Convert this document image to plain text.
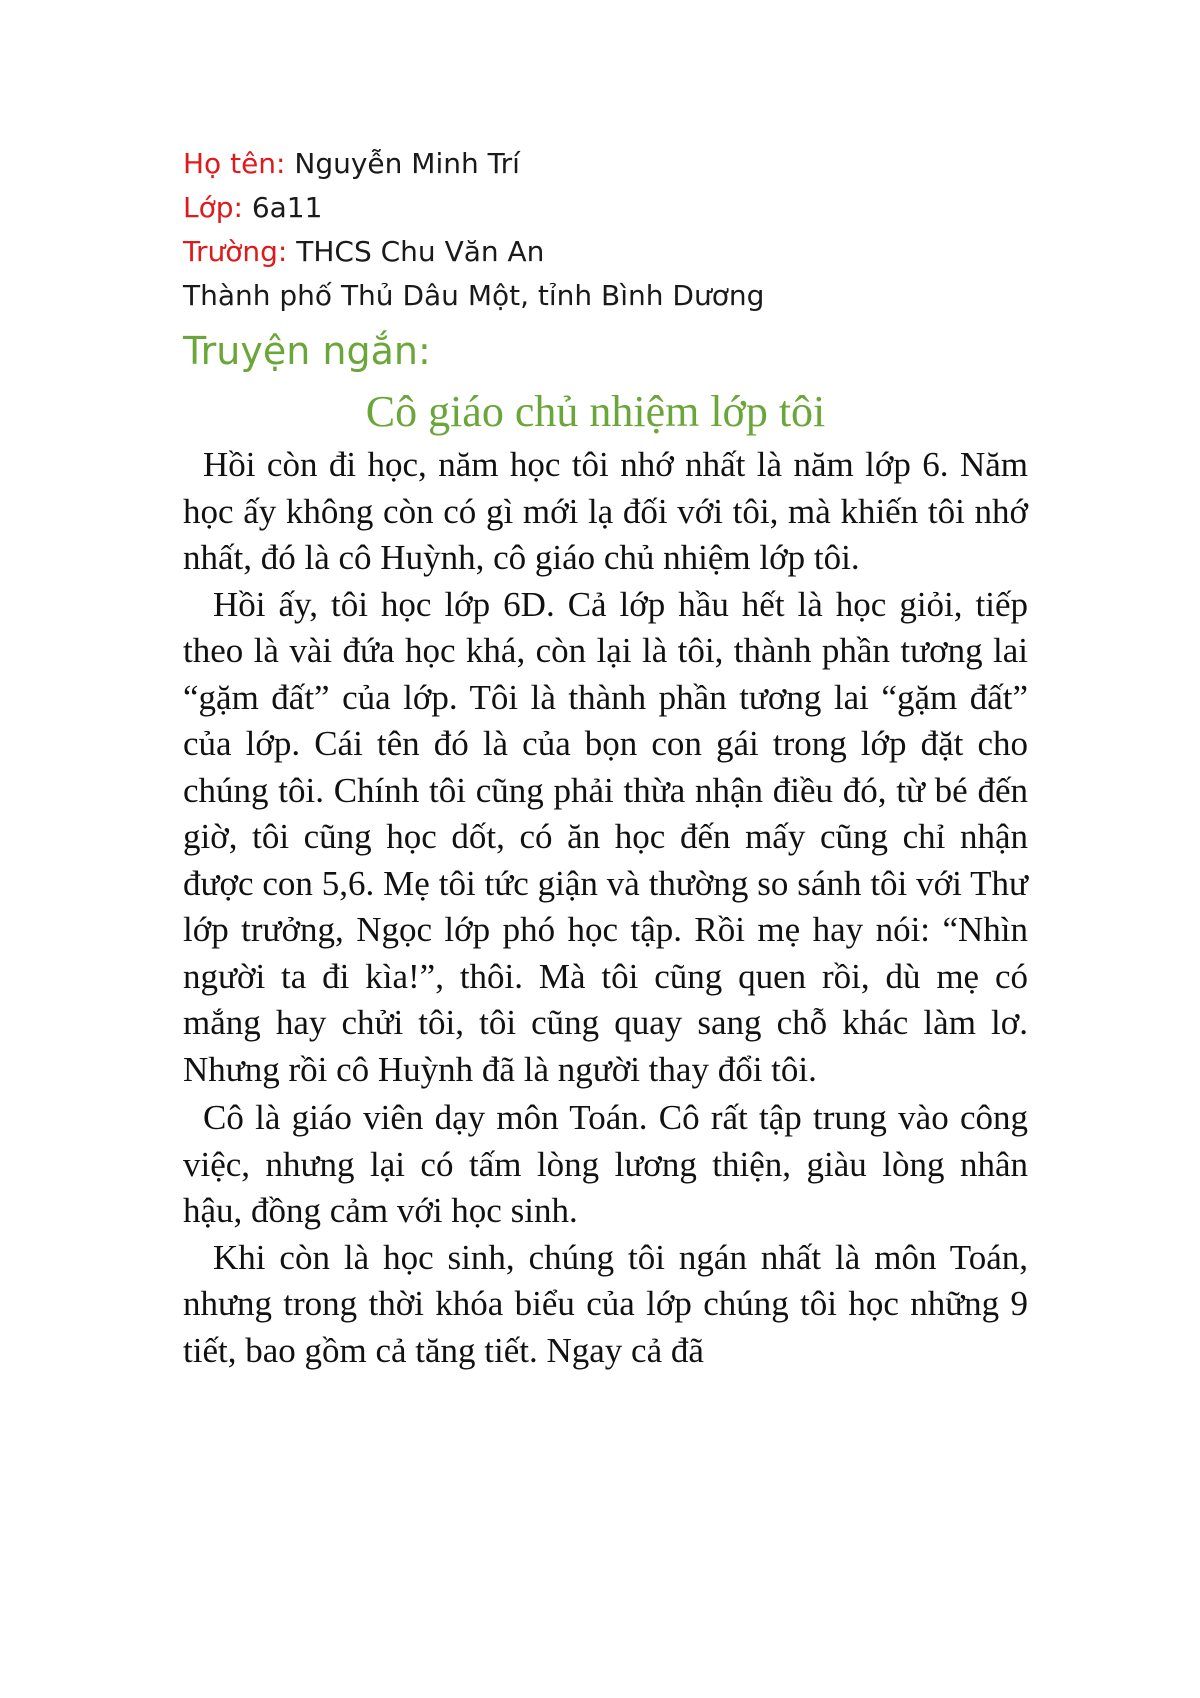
Họ tên: Nguyễn Minh Trí
Lớp: 6a11
Trường: THCS Chu Văn An
Thành phố Thủ Dâu Một, tỉnh Bình Dương
Truyện ngắn:
Cô giáo chủ nhiệm lớp tôi

Hồi còn đi học, năm học tôi nhớ nhất là năm lớp 6. Năm học ấy không còn có gì mới lạ đối với tôi, mà khiến tôi nhớ nhất, đó là cô Huỳnh, cô giáo chủ nhiệm lớp tôi.

Hồi ấy, tôi học lớp 6D. Cả lớp hầu hết là học giỏi, tiếp theo là vài đứa học khá, còn lại là tôi, thành phần tương lai “gặm đất” của lớp. Tôi là thành phần tương lai “gặm đất” của lớp. Cái tên đó là của bọn con gái trong lớp đặt cho chúng tôi. Chính tôi cũng phải thừa nhận điều đó, từ bé đến giờ, tôi cũng học dốt, có ăn học đến mấy cũng chỉ nhận được con 5,6. Mẹ tôi tức giận và thường so sánh tôi với Thư lớp trưởng, Ngọc lớp phó học tập. Rồi mẹ hay nói: “Nhìn người ta đi kìa!”, thôi. Mà tôi cũng quen rồi, dù mẹ có mắng hay chửi tôi, tôi cũng quay sang chỗ khác làm lơ. Nhưng rồi cô Huỳnh đã là người thay đổi tôi.

Cô là giáo viên dạy môn Toán. Cô rất tập trung vào công việc, nhưng lại có tấm lòng lương thiện, giàu lòng nhân hậu, đồng cảm với học sinh.

Khi còn là học sinh, chúng tôi ngán nhất là môn Toán, nhưng trong thời khóa biểu của lớp chúng tôi học những 9 tiết, bao gồm cả tăng tiết. Ngay cả đã
